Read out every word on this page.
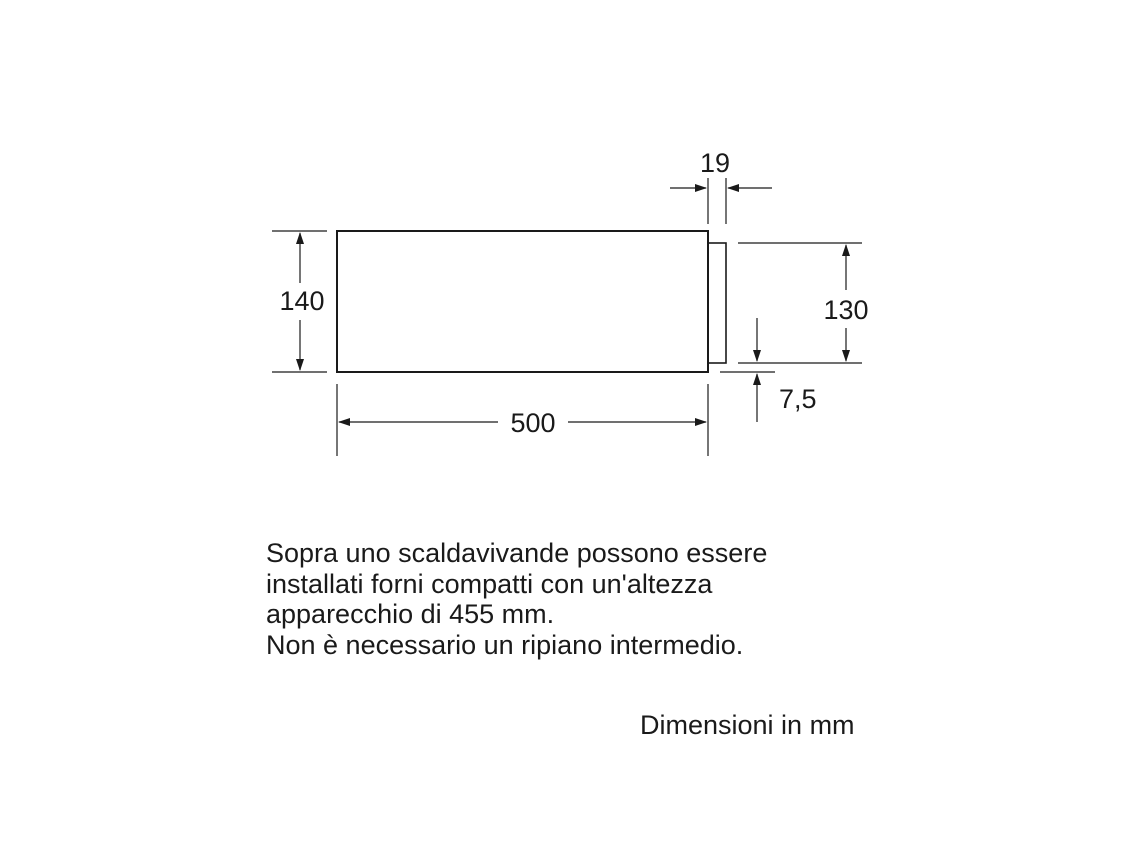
140
500
19
130
7,5
Sopra uno scaldavivande possono essere
installati forni compatti con un'altezza
apparecchio di 455 mm.
Non è necessario un ripiano intermedio.
Dimensioni in mm
